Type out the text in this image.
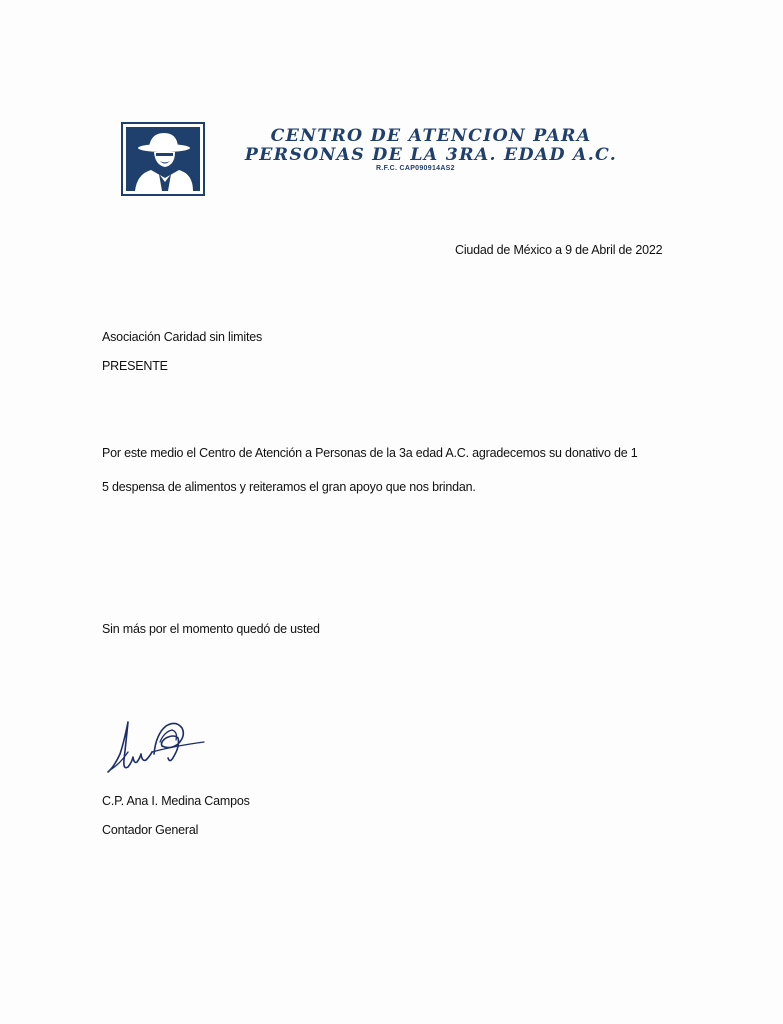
CENTRO DE ATENCION PARA
PERSONAS DE LA 3RA. EDAD A.C.
R.F.C. CAP090914AS2
Ciudad de México a 9 de Abril de 2022
Asociación Caridad sin limites
PRESENTE
Por este medio el Centro de Atención a Personas de la 3a edad A.C. agradecemos su donativo de 1
5 despensa de alimentos y reiteramos el gran apoyo que nos brindan.
Sin más por el momento quedó de usted
C.P. Ana I. Medina Campos
Contador General
